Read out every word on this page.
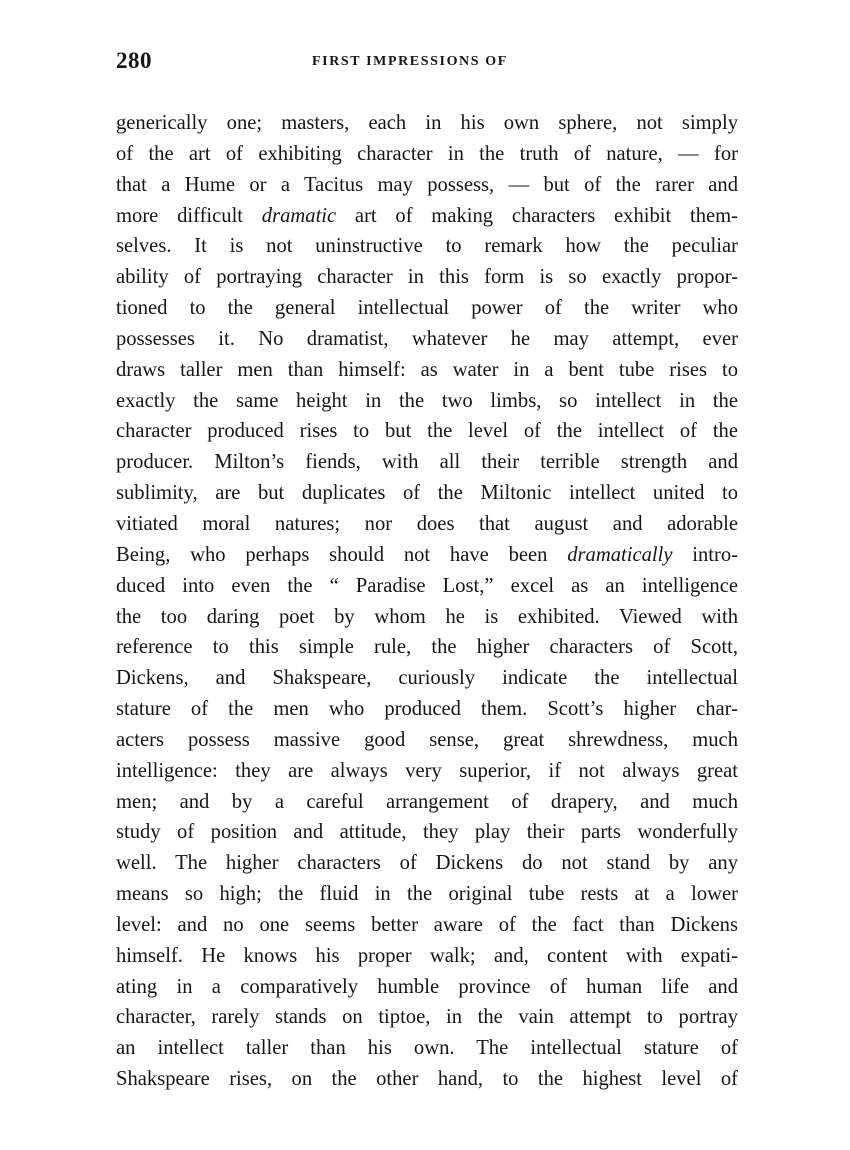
280	FIRST IMPRESSIONS OF
generically one; masters, each in his own sphere, not simply
of the art of exhibiting character in the truth of nature, — for
that a Hume or a Tacitus may possess, — but of the rarer and
more difficult dramatic art of making characters exhibit them-
selves. It is not uninstructive to remark how the peculiar
ability of portraying character in this form is so exactly propor-
tioned to the general intellectual power of the writer who
possesses it. No dramatist, whatever he may attempt, ever
draws taller men than himself: as water in a bent tube rises to
exactly the same height in the two limbs, so intellect in the
character produced rises to but the level of the intellect of the
producer. Milton’s fiends, with all their terrible strength and
sublimity, are but duplicates of the Miltonic intellect united to
vitiated moral natures; nor does that august and adorable
Being, who perhaps should not have been dramatically intro-
duced into even the “ Paradise Lost,” excel as an intelligence
the too daring poet by whom he is exhibited. Viewed with
reference to this simple rule, the higher characters of Scott,
Dickens, and Shakspeare, curiously indicate the intellectual
stature of the men who produced them. Scott’s higher char-
acters possess massive good sense, great shrewdness, much
intelligence: they are always very superior, if not always great
men; and by a careful arrangement of drapery, and much
study of position and attitude, they play their parts wonderfully
well. The higher characters of Dickens do not stand by any
means so high; the fluid in the original tube rests at a lower
level: and no one seems better aware of the fact than Dickens
himself. He knows his proper walk; and, content with expati-
ating in a comparatively humble province of human life and
character, rarely stands on tiptoe, in the vain attempt to portray
an intellect taller than his own. The intellectual stature of
Shakspeare rises, on the other hand, to the highest level of
